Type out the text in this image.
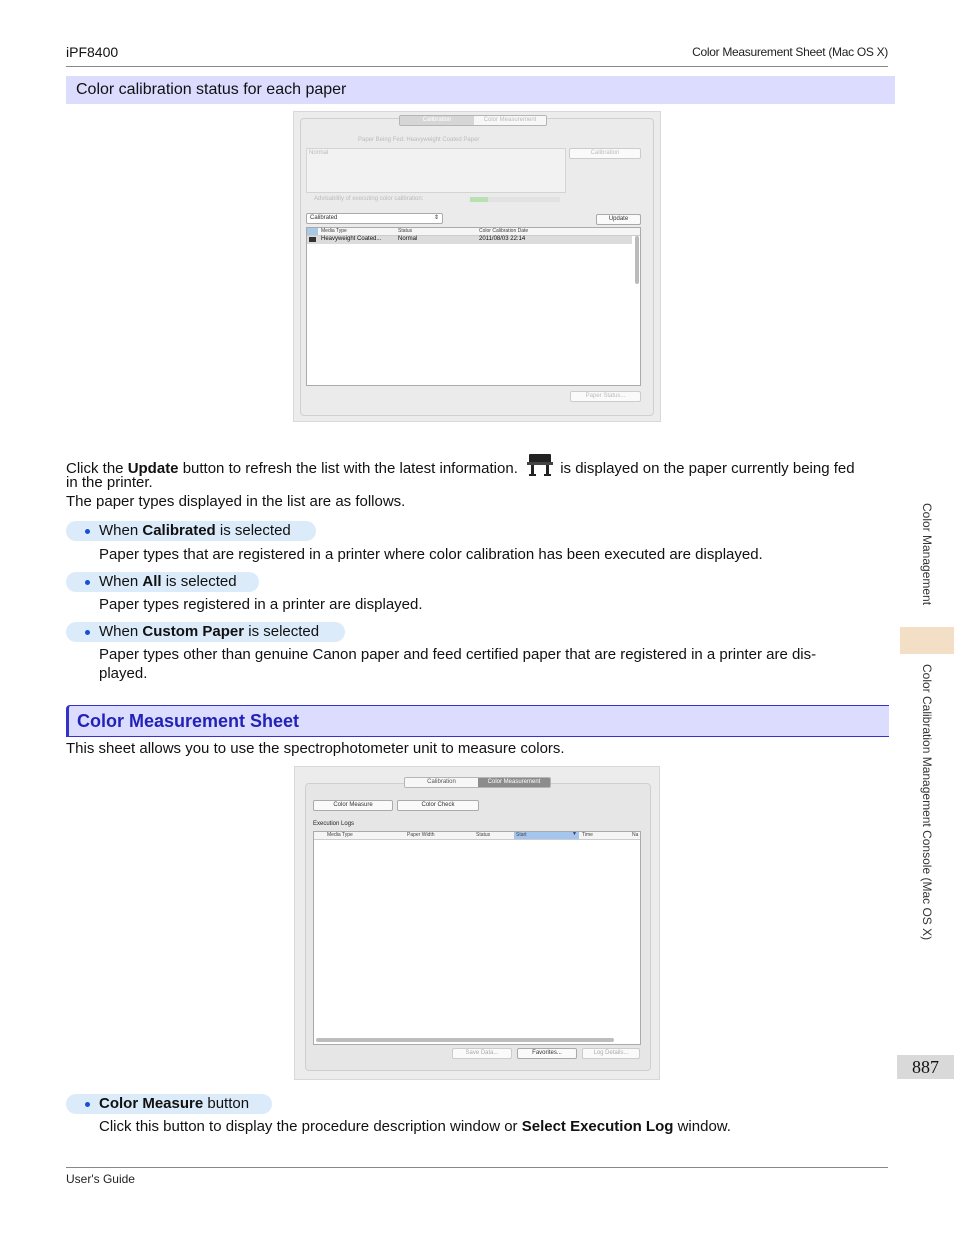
iPF8400	Color Measurement Sheet (Mac OS X)
Color calibration status for each paper
Calibration	Color Measurement
Paper Being Fed: Heavyweight Coated Paper
Normal	Calibration
Advisability of executing color calibration:
Calibrated	⇕	Update
Media Type	Status	Color Calibration Date
Heavyweight Coated...	Normal	2011/08/03 22:14
Paper Status...
Click the Update button to refresh the list with the latest information.	is displayed on the paper currently being fed
in the printer.
The paper types displayed in the list are as follows.
When Calibrated is selected
Paper types that are registered in a printer where color calibration has been executed are displayed.
When All is selected
Paper types registered in a printer are displayed.
When Custom Paper is selected
Paper types other than genuine Canon paper and feed certified paper that are registered in a printer are dis-
played.
Color Measurement Sheet
This sheet allows you to use the spectrophotometer unit to measure colors.
Calibration	Color Measurement
Color Measure	Color Check
Execution Logs
Media Type	Paper Width	Status	Start	▼ Time	Na
Save Data...	Favorites...	Log Details...
Color Measure button
Click this button to display the procedure description window or Select Execution Log window.
Color Management
Color Calibration Management Console (Mac OS X)
887
User's Guide
